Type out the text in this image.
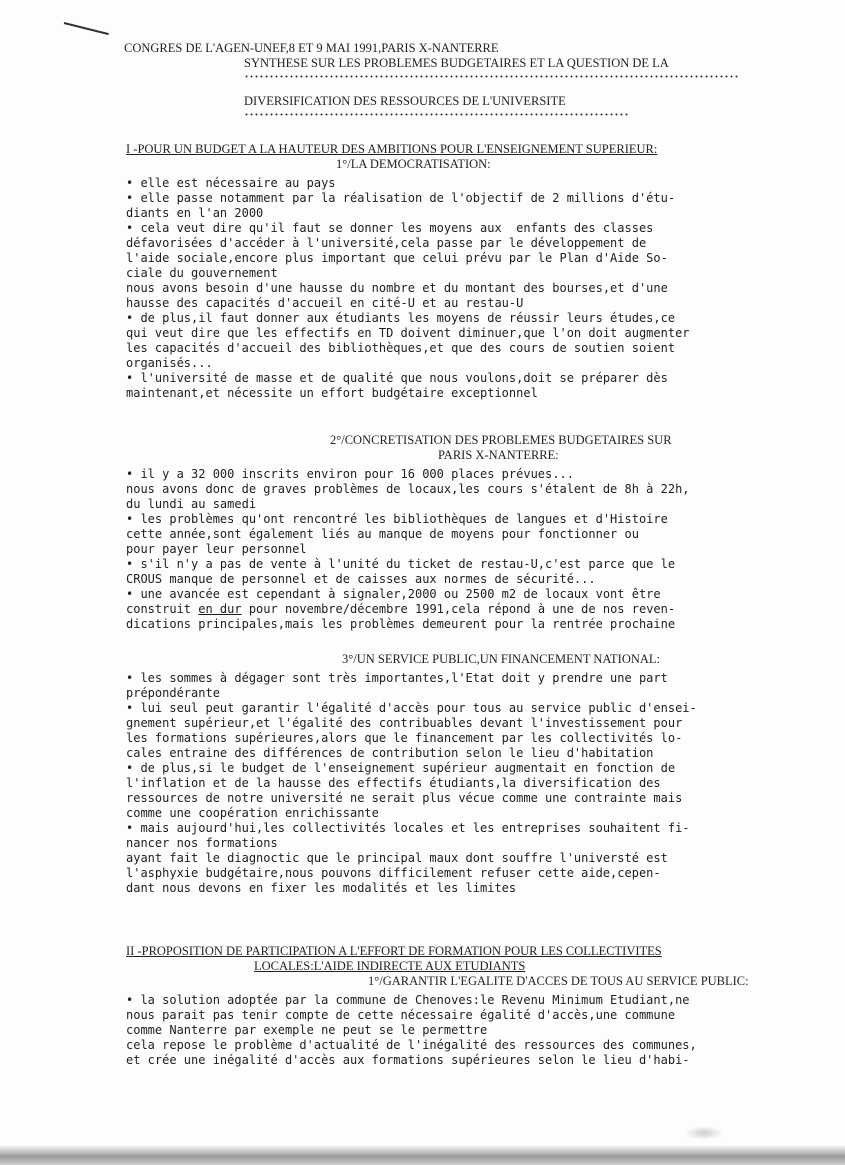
CONGRES DE L'AGEN-UNEF,8 ET 9 MAI 1991,PARIS X-NANTERRE
SYNTHESE SUR LES PROBLEMES BUDGETAIRES ET LA QUESTION DE LA
DIVERSIFICATION DES RESSOURCES DE L'UNIVERSITE
I -POUR UN BUDGET A LA HAUTEUR DES AMBITIONS POUR L'ENSEIGNEMENT SUPERIEUR:
1°/LA DEMOCRATISATION:
• elle est nécessaire au pays
• elle passe notamment par la réalisation de l'objectif de 2 millions d'étu-
diants en l'an 2000
• cela veut dire qu'il faut se donner les moyens aux  enfants des classes
défavorisées d'accéder à l'université,cela passe par le développement de
l'aide sociale,encore plus important que celui prévu par le Plan d'Aide So-
ciale du gouvernement
nous avons besoin d'une hausse du nombre et du montant des bourses,et d'une
hausse des capacités d'accueil en cité-U et au restau-U
• de plus,il faut donner aux étudiants les moyens de réussir leurs études,ce
qui veut dire que les effectifs en TD doivent diminuer,que l'on doit augmenter
les capacités d'accueil des bibliothèques,et que des cours de soutien soient
organisés...
• l'université de masse et de qualité que nous voulons,doit se préparer dès
maintenant,et nécessite un effort budgétaire exceptionnel
2°/CONCRETISATION DES PROBLEMES BUDGETAIRES SUR
PARIS X-NANTERRE:
• il y a 32 000 inscrits environ pour 16 000 places prévues...
nous avons donc de graves problèmes de locaux,les cours s'étalent de 8h à 22h,
du lundi au samedi
• les problèmes qu'ont rencontré les bibliothèques de langues et d'Histoire
cette année,sont également liés au manque de moyens pour fonctionner ou
pour payer leur personnel
• s'il n'y a pas de vente à l'unité du ticket de restau-U,c'est parce que le
CROUS manque de personnel et de caisses aux normes de sécurité...
• une avancée est cependant à signaler,2000 ou 2500 m2 de locaux vont être
construit en dur pour novembre/décembre 1991,cela répond à une de nos reven-
dications principales,mais les problèmes demeurent pour la rentrée prochaine
3°/UN SERVICE PUBLIC,UN FINANCEMENT NATIONAL:
• les sommes à dégager sont très importantes,l'Etat doit y prendre une part
prépondérante
• lui seul peut garantir l'égalité d'accès pour tous au service public d'ensei-
gnement supérieur,et l'égalité des contribuables devant l'investissement pour
les formations supérieures,alors que le financement par les collectivités lo-
cales entraine des différences de contribution selon le lieu d'habitation
• de plus,si le budget de l'enseignement supérieur augmentait en fonction de
l'inflation et de la hausse des effectifs étudiants,la diversification des
ressources de notre université ne serait plus vécue comme une contrainte mais
comme une coopération enrichissante
• mais aujourd'hui,les collectivités locales et les entreprises souhaitent fi-
nancer nos formations
ayant fait le diagnoctic que le principal maux dont souffre l'universté est
l'asphyxie budgétaire,nous pouvons difficilement refuser cette aide,cepen-
dant nous devons en fixer les modalités et les limites
II -PROPOSITION DE PARTICIPATION A L'EFFORT DE FORMATION POUR LES COLLECTIVITES
LOCALES:L'AIDE INDIRECTE AUX ETUDIANTS
1°/GARANTIR L'EGALITE D'ACCES DE TOUS AU SERVICE PUBLIC:
• la solution adoptée par la commune de Chenoves:le Revenu Minimum Etudiant,ne
nous parait pas tenir compte de cette nécessaire égalité d'accès,une commune
comme Nanterre par exemple ne peut se le permettre
cela repose le problème d'actualité de l'inégalité des ressources des communes,
et crée une inégalité d'accès aux formations supérieures selon le lieu d'habi-
